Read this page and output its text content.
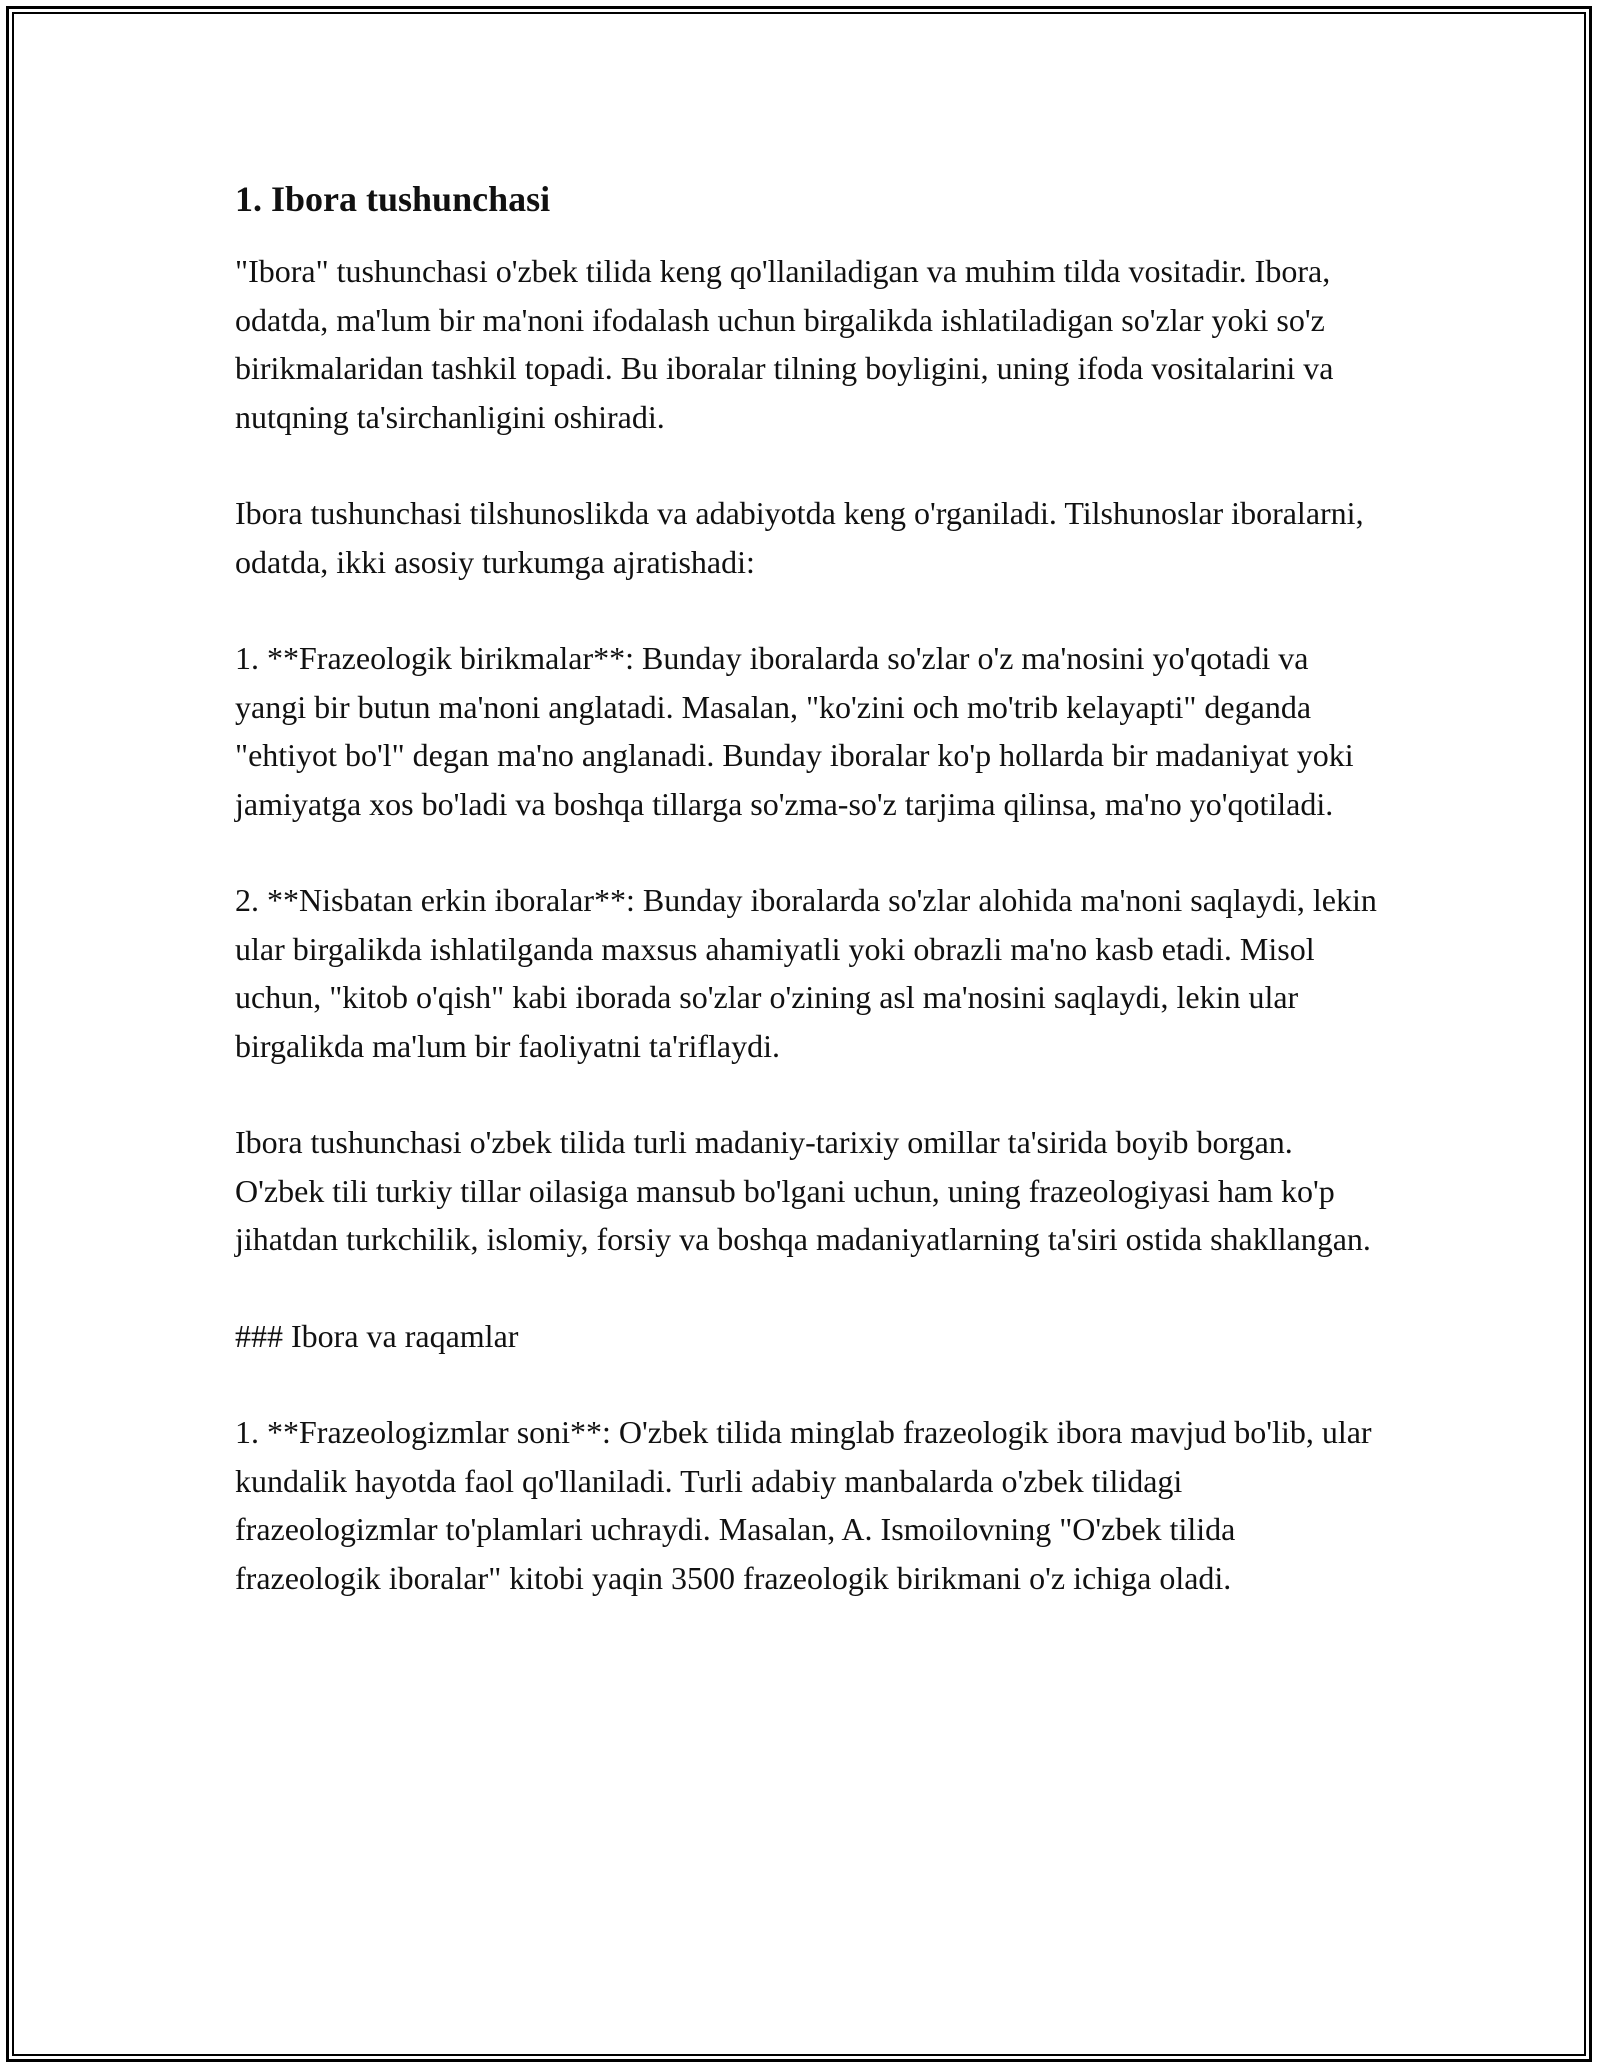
1. Ibora tushunchasi

"Ibora" tushunchasi o'zbek tilida keng qo'llaniladigan va muhim tilda vositadir. Ibora, odatda, ma'lum bir ma'noni ifodalash uchun birgalikda ishlatiladigan so'zlar yoki so'z birikmalaridan tashkil topadi. Bu iboralar tilning boyligini, uning ifoda vositalarini va nutqning ta'sirchanligini oshiradi.

Ibora tushunchasi tilshunoslikda va adabiyotda keng o'rganiladi. Tilshunoslar iboralarni, odatda, ikki asosiy turkumga ajratishadi:

1. **Frazeologik birikmalar**: Bunday iboralarda so'zlar o'z ma'nosini yo'qotadi va yangi bir butun ma'noni anglatadi. Masalan, "ko'zini och mo'trib kelayapti" deganda "ehtiyot bo'l" degan ma'no anglanadi. Bunday iboralar ko'p hollarda bir madaniyat yoki jamiyatga xos bo'ladi va boshqa tillarga so'zma-so'z tarjima qilinsa, ma'no yo'qotiladi.

2. **Nisbatan erkin iboralar**: Bunday iboralarda so'zlar alohida ma'noni saqlaydi, lekin ular birgalikda ishlatilganda maxsus ahamiyatli yoki obrazli ma'no kasb etadi. Misol uchun, "kitob o'qish" kabi iborada so'zlar o'zining asl ma'nosini saqlaydi, lekin ular birgalikda ma'lum bir faoliyatni ta'riflaydi.

Ibora tushunchasi o'zbek tilida turli madaniy-tarixiy omillar ta'sirida boyib borgan. O'zbek tili turkiy tillar oilasiga mansub bo'lgani uchun, uning frazeologiyasi ham ko'p jihatdan turkchilik, islomiy, forsiy va boshqa madaniyatlarning ta'siri ostida shakllangan.

### Ibora va raqamlar

1. **Frazeologizmlar soni**: O'zbek tilida minglab frazeologik ibora mavjud bo'lib, ular kundalik hayotda faol qo'llaniladi. Turli adabiy manbalarda o'zbek tilidagi frazeologizmlar to'plamlari uchraydi. Masalan, A. Ismoilovning "O'zbek tilida frazeologik iboralar" kitobi yaqin 3500 frazeologik birikmani o'z ichiga oladi.
